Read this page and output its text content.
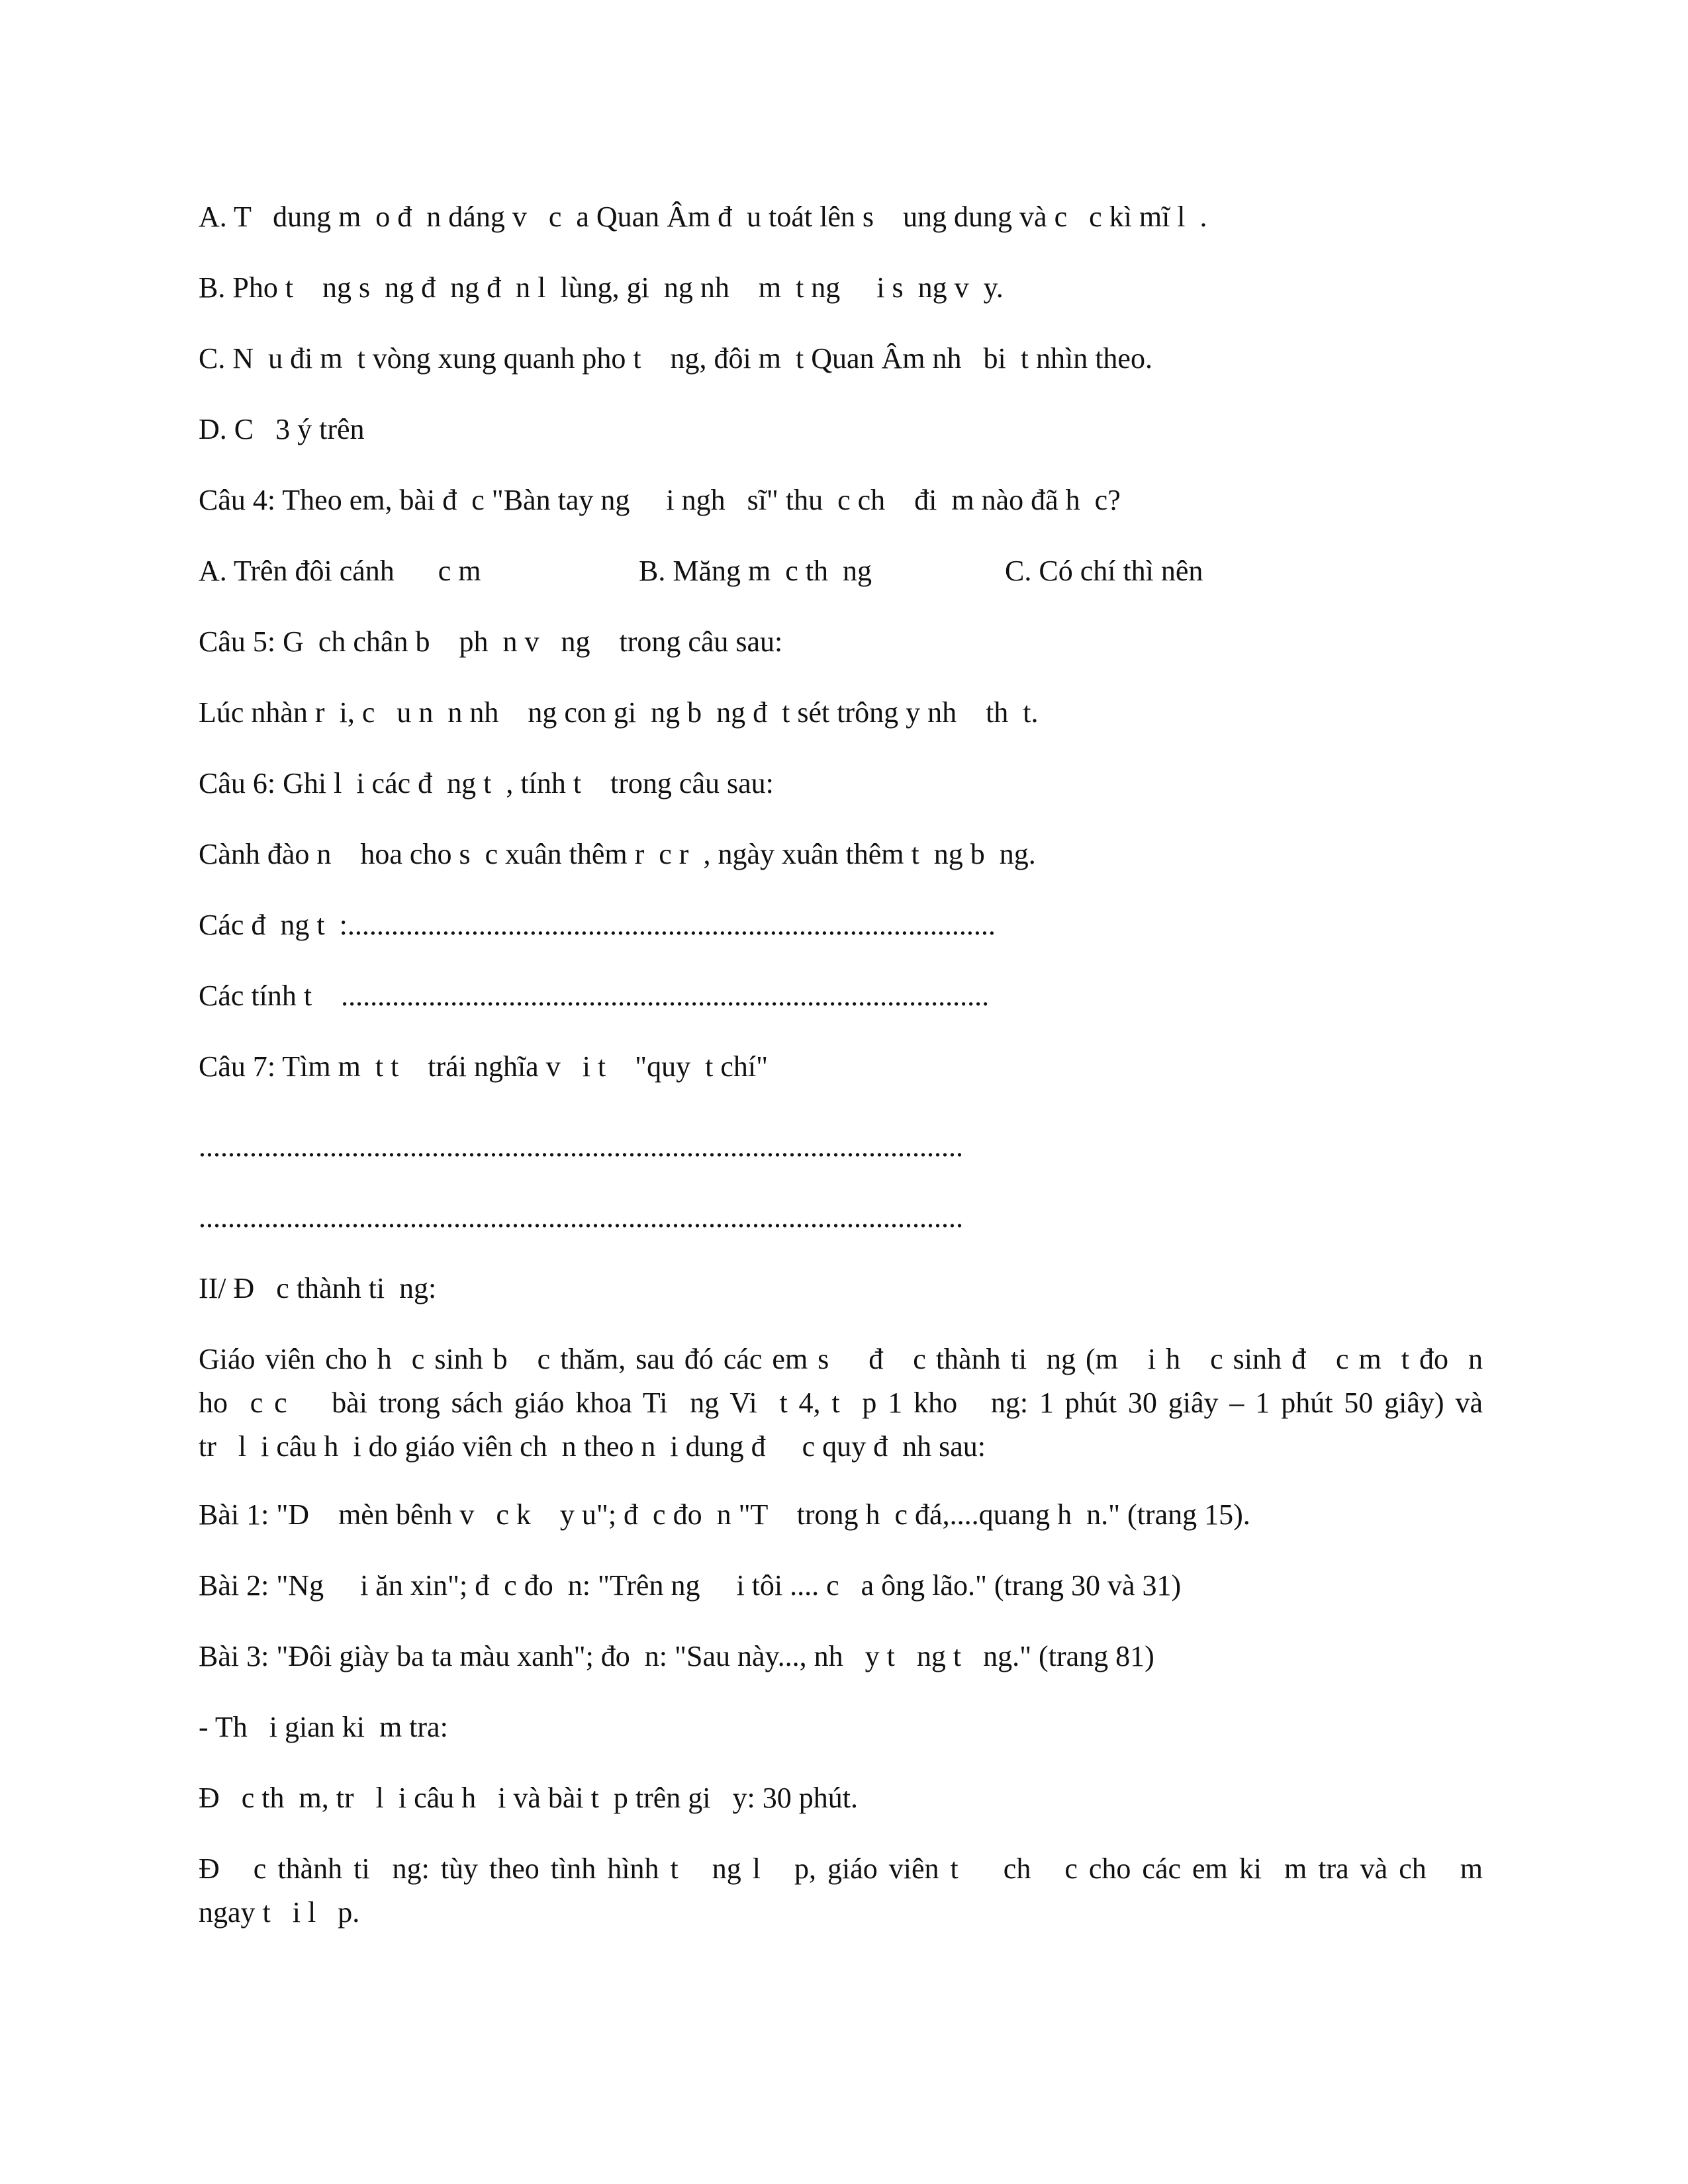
A. T   dung m  o đ  n dáng v   c  a Quan Âm đ  u toát lên s    ung dung và c   c kì mĩ l  .
B. Pho t    ng s  ng đ  ng đ  n l  lùng, gi  ng nh    m  t ng     i s  ng v  y.
C. N  u đi m  t vòng xung quanh pho t    ng, đôi m  t Quan Âm nh   bi  t nhìn theo.
D. C   3 ý trên
Câu 4: Theo em, bài đ  c "Bàn tay ng     i ngh   sĩ" thu  c ch    đi  m nào đã h  c?
A. Trên đôi cánh      c m	B. Măng m  c th  ng	C. Có chí thì nên
Câu 5: G  ch chân b    ph  n v   ng    trong câu sau:
Lúc nhàn r  i, c   u n  n nh    ng con gi  ng b  ng đ  t sét trông y nh    th  t.
Câu 6: Ghi l  i các đ  ng t  , tính t    trong câu sau:
Cành đào n    hoa cho s  c xuân thêm r  c r  , ngày xuân thêm t  ng b  ng.
Các đ  ng t  :.........................................................................................
Các tính t    .........................................................................................
Câu 7: Tìm m  t t    trái nghĩa v   i t    "quy  t chí"
.........................................................................................................
.........................................................................................................
II/ Đ   c thành ti  ng:
Giáo viên cho h  c sinh b   c thăm, sau đó các em s    đ   c thành ti  ng (m   i h   c sinh đ   c m  t đo  n
ho  c c    bài trong sách giáo khoa Ti  ng Vi  t 4, t  p 1 kho   ng: 1 phút 30 giây – 1 phút 50 giây) và
tr   l  i câu h  i do giáo viên ch  n theo n  i dung đ     c quy đ  nh sau:
Bài 1: "D    mèn bênh v   c k    y u"; đ  c đo  n "T    trong h  c đá,....quang h  n." (trang 15).
Bài 2: "Ng     i ăn xin"; đ  c đo  n: "Trên ng     i tôi .... c   a ông lão." (trang 30 và 31)
Bài 3: "Đôi giày ba ta màu xanh"; đo  n: "Sau này..., nh   y t   ng t   ng." (trang 81)
- Th   i gian ki  m tra:
Đ   c th  m, tr   l  i câu h   i và bài t  p trên gi   y: 30 phút.
Đ   c thành ti  ng: tùy theo tình hình t   ng l   p, giáo viên t    ch   c cho các em ki  m tra và ch   m
ngay t   i l   p.
